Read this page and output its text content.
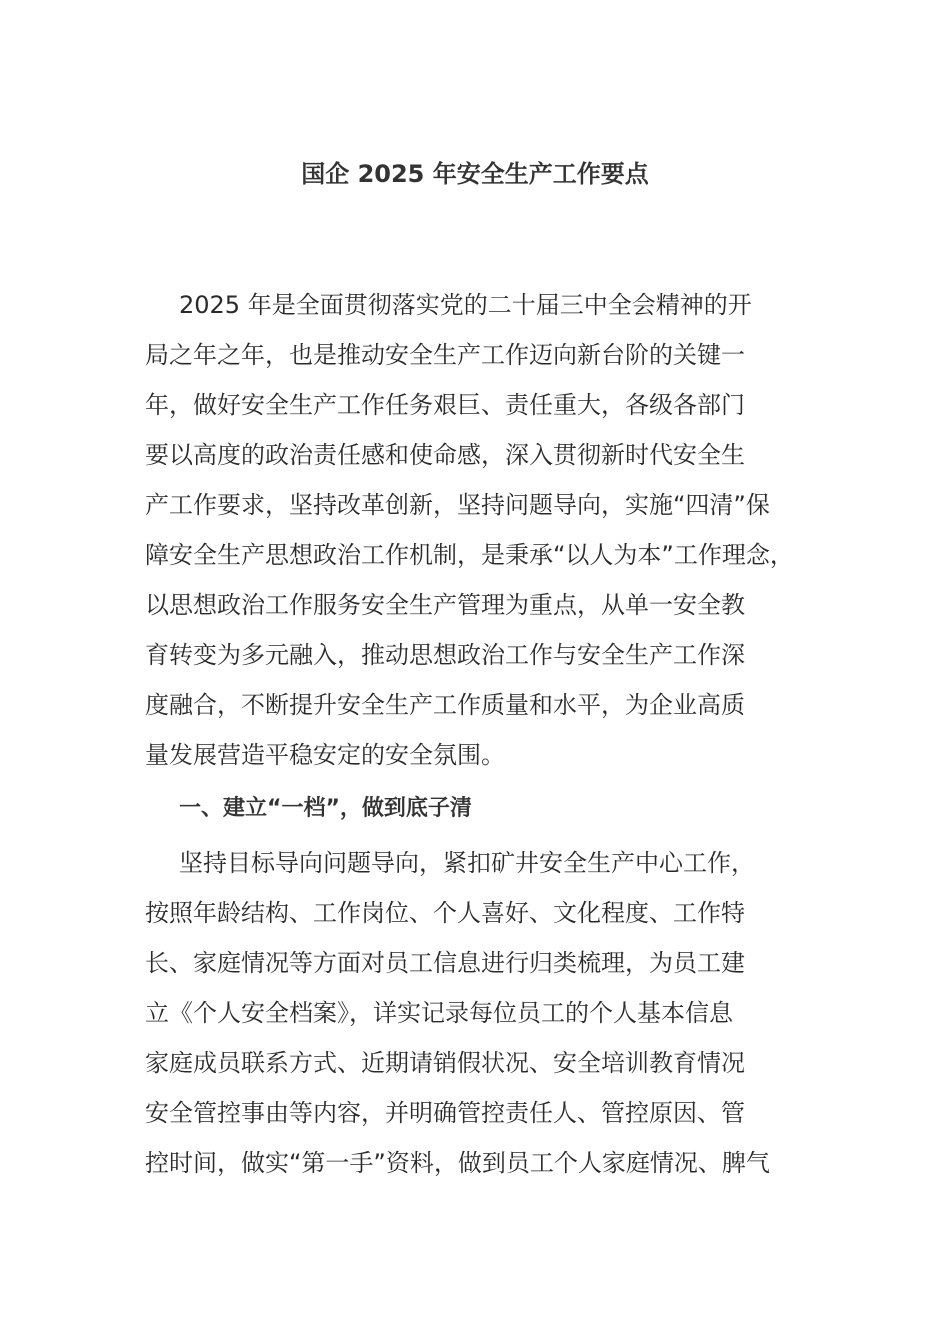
国企 2025 年安全生产工作要点
2025 年是全面贯彻落实党的二十届三中全会精神的开
局之年之年，也是推动安全生产工作迈向新台阶的关键一
年，做好安全生产工作任务艰巨、责任重大，各级各部门
要以高度的政治责任感和使命感，深入贯彻新时代安全生
产工作要求，坚持改革创新，坚持问题导向，实施“四清”保
障安全生产思想政治工作机制，是秉承“以人为本”工作理念，
以思想政治工作服务安全生产管理为重点，从单一安全教
育转变为多元融入，推动思想政治工作与安全生产工作深
度融合，不断提升安全生产工作质量和水平，为企业高质
量发展营造平稳安定的安全氛围。
一、建立“一档”，做到底子清
坚持目标导向问题导向，紧扣矿井安全生产中心工作，
按照年龄结构、工作岗位、个人喜好、文化程度、工作特
长、家庭情况等方面对员工信息进行归类梳理，为员工建
立《个人安全档案》，详实记录每位员工的个人基本信息
家庭成员联系方式、近期请销假状况、安全培训教育情况
安全管控事由等内容，并明确管控责任人、管控原因、管
控时间，做实“第一手”资料，做到员工个人家庭情况、脾气
